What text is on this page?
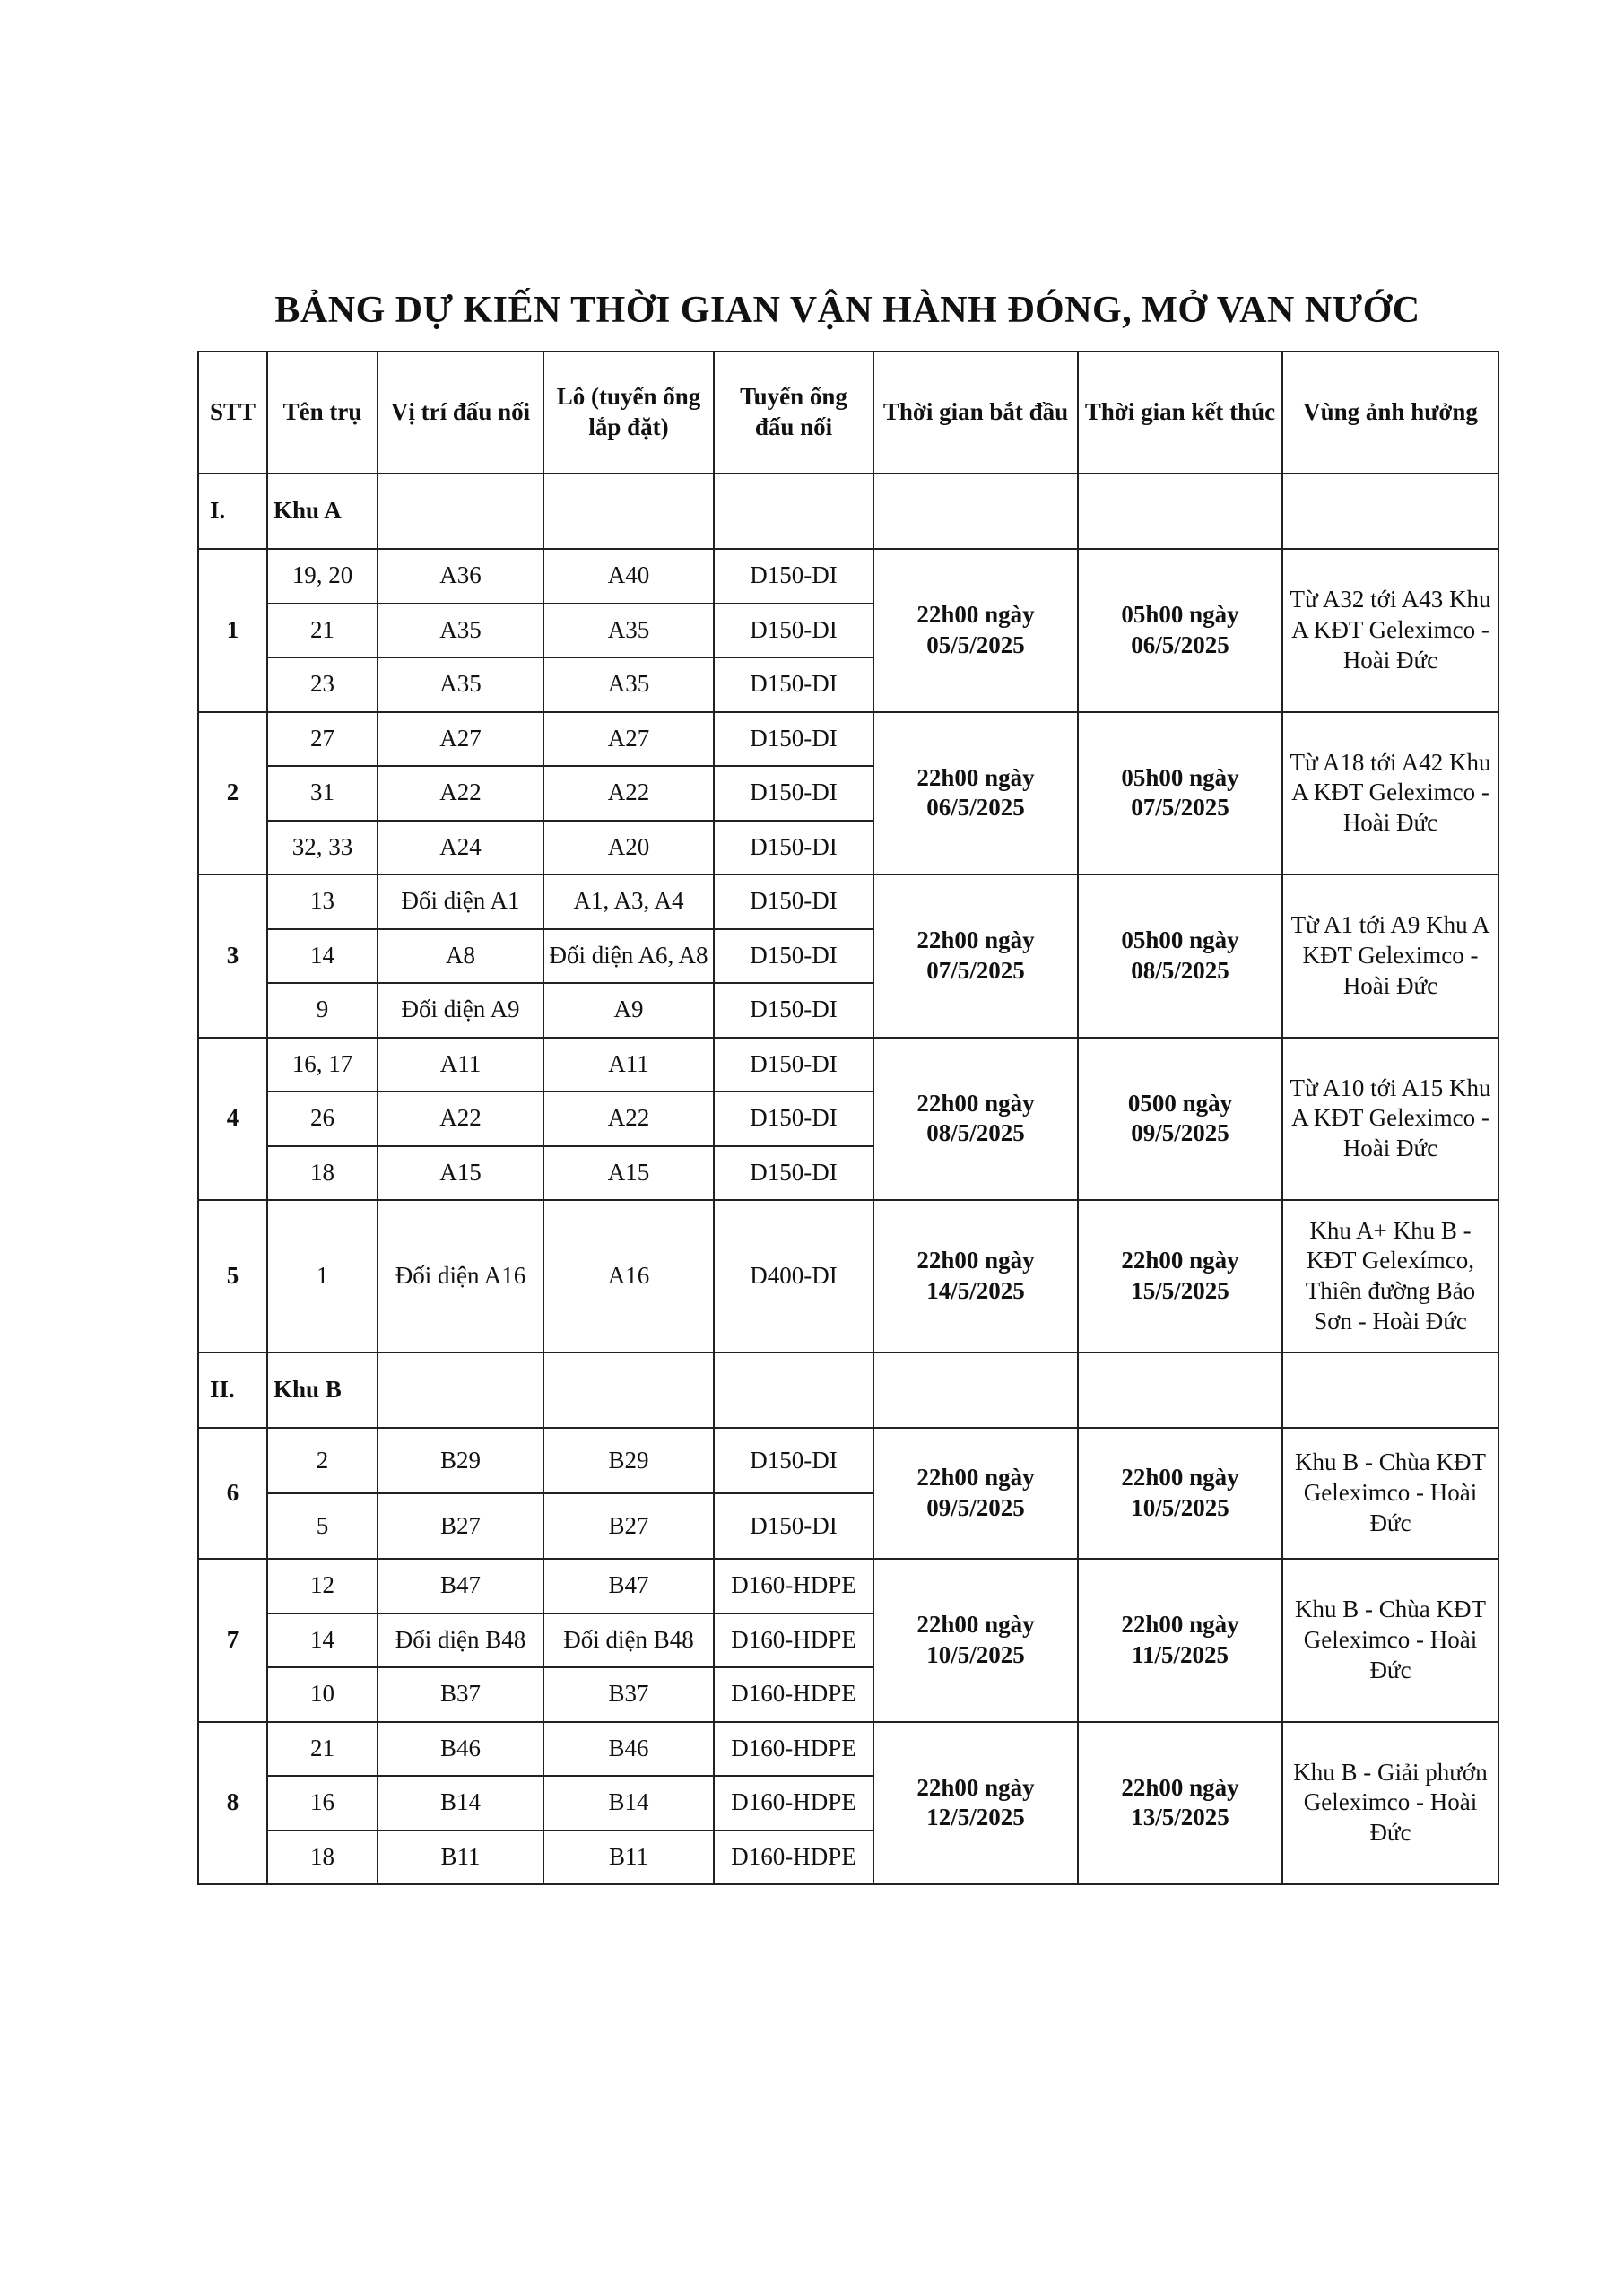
BẢNG DỰ KIẾN THỜI GIAN VẬN HÀNH ĐÓNG, MỞ VAN NƯỚC
STT	Tên trụ	Vị trí đấu nối	Lô (tuyến ống lắp đặt)	Tuyến ống đấu nối	Thời gian bắt đầu	Thời gian kết thúc	Vùng ảnh hưởng
I.	Khu A						
1	19, 20	A36	A40	D150-DI	22h00 ngày 05/5/2025	05h00 ngày 06/5/2025	Từ A32 tới A43 Khu A KĐT Geleximco - Hoài Đức
	21	A35	A35	D150-DI			
	23	A35	A35	D150-DI			
2	27	A27	A27	D150-DI	22h00 ngày 06/5/2025	05h00 ngày 07/5/2025	Từ A18 tới A42 Khu A KĐT Geleximco - Hoài Đức
	31	A22	A22	D150-DI			
	32, 33	A24	A20	D150-DI			
3	13	Đối diện A1	A1, A3, A4	D150-DI	22h00 ngày 07/5/2025	05h00 ngày 08/5/2025	Từ A1 tới A9 Khu A KĐT Geleximco - Hoài Đức
	14	A8	Đối diện A6, A8	D150-DI			
	9	Đối diện A9	A9	D150-DI			
4	16, 17	A11	A11	D150-DI	22h00 ngày 08/5/2025	0500 ngày 09/5/2025	Từ A10 tới A15 Khu A KĐT Geleximco - Hoài Đức
	26	A22	A22	D150-DI			
	18	A15	A15	D150-DI			
5	1	Đối diện A16	A16	D400-DI	22h00 ngày 14/5/2025	22h00 ngày 15/5/2025	Khu A+ Khu B - KĐT Gelexímco, Thiên đường Bảo Sơn - Hoài Đức
II.	Khu B						
6	2	B29	B29	D150-DI	22h00 ngày 09/5/2025	22h00 ngày 10/5/2025	Khu B - Chùa KĐT Geleximco - Hoài Đức
	5	B27	B27	D150-DI			
7	12	B47	B47	D160-HDPE	22h00 ngày 10/5/2025	22h00 ngày 11/5/2025	Khu B - Chùa KĐT Geleximco - Hoài Đức
	14	Đối diện B48	Đối diện B48	D160-HDPE			
	10	B37	B37	D160-HDPE			
8	21	B46	B46	D160-HDPE	22h00 ngày 12/5/2025	22h00 ngày 13/5/2025	Khu B - Giải phướn Geleximco - Hoài Đức
	16	B14	B14	D160-HDPE			
	18	B11	B11	D160-HDPE			
